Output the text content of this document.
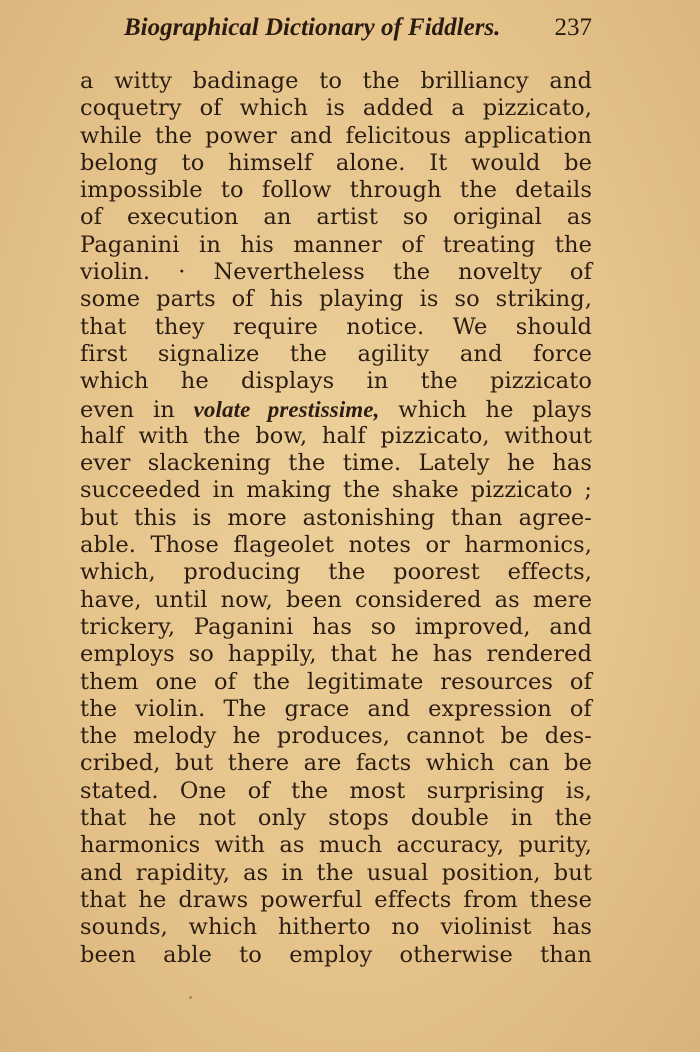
Biographical Dictionary of Fiddlers. 237
a witty badinage to the brilliancy and
coquetry of which is added a pizzicato,
while the power and felicitous application
belong to himself alone. It would be
impossible to follow through the details
of execution an artist so original as
Paganini in his manner of treating the
violin. · Nevertheless the novelty of
some parts of his playing is so striking,
that they require notice. We should
first signalize the agility and force
which he displays in the pizzicato
even in volate prestissime, which he plays
half with the bow, half pizzicato, without
ever slackening the time. Lately he has
succeeded in making the shake pizzicato ;
but this is more astonishing than agree-
able. Those flageolet notes or harmonics,
which, producing the poorest effects,
have, until now, been considered as mere
trickery, Paganini has so improved, and
employs so happily, that he has rendered
them one of the legitimate resources of
the violin. The grace and expression of
the melody he produces, cannot be des-
cribed, but there are facts which can be
stated. One of the most surprising is,
that he not only stops double in the
harmonics with as much accuracy, purity,
and rapidity, as in the usual position, but
that he draws powerful effects from these
sounds, which hitherto no violinist has
been able to employ otherwise than
